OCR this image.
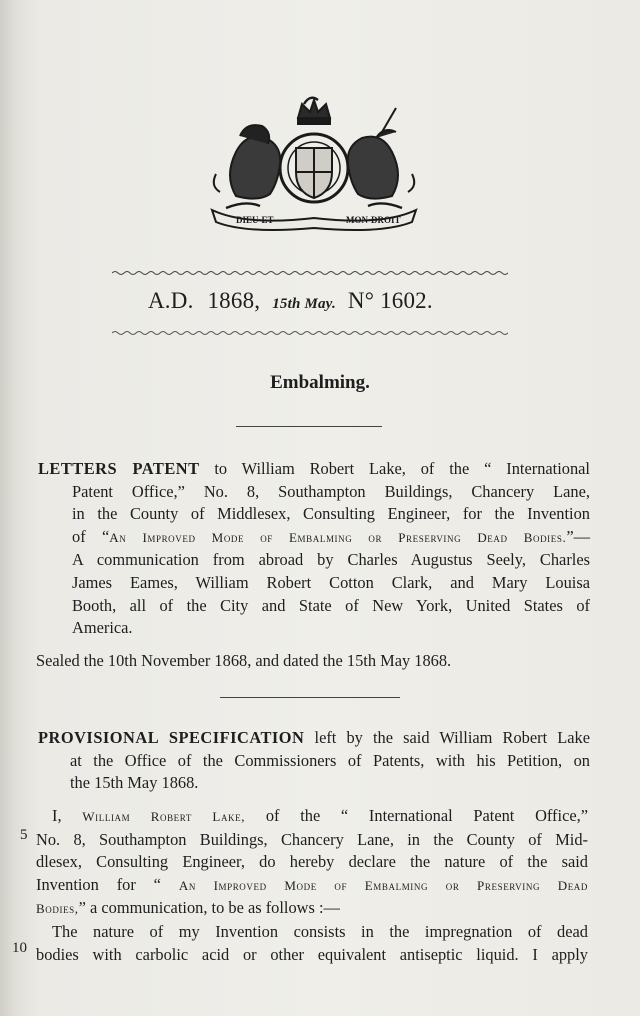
DIEU·ET	MON·DROIT
A.D. 1868, 15th May. N° 1602.
Embalming.
LETTERS PATENT to William Robert Lake, of the “ International
Patent Office,” No. 8, Southampton Buildings, Chancery Lane,
in the County of Middlesex, Consulting Engineer, for the Invention
of “An Improved Mode of Embalming or Preserving Dead Bodies.”—
A communication from abroad by Charles Augustus Seely, Charles
James Eames, William Robert Cotton Clark, and Mary Louisa
Booth, all of the City and State of New York, United States of
America.
Sealed the 10th November 1868, and dated the 15th May 1868.
PROVISIONAL SPECIFICATION left by the said William Robert Lake
at the Office of the Commissioners of Patents, with his Petition, on
the 15th May 1868.
I, William Robert Lake, of the “ International Patent Office,”
No. 8, Southampton Buildings, Chancery Lane, in the County of Mid-
dlesex, Consulting Engineer, do hereby declare the nature of the said
Invention for “ An Improved Mode of Embalming or Preserving Dead
Bodies,” a communication, to be as follows :—
The nature of my Invention consists in the impregnation of dead
bodies with carbolic acid or other equivalent antiseptic liquid. I apply
5
10
